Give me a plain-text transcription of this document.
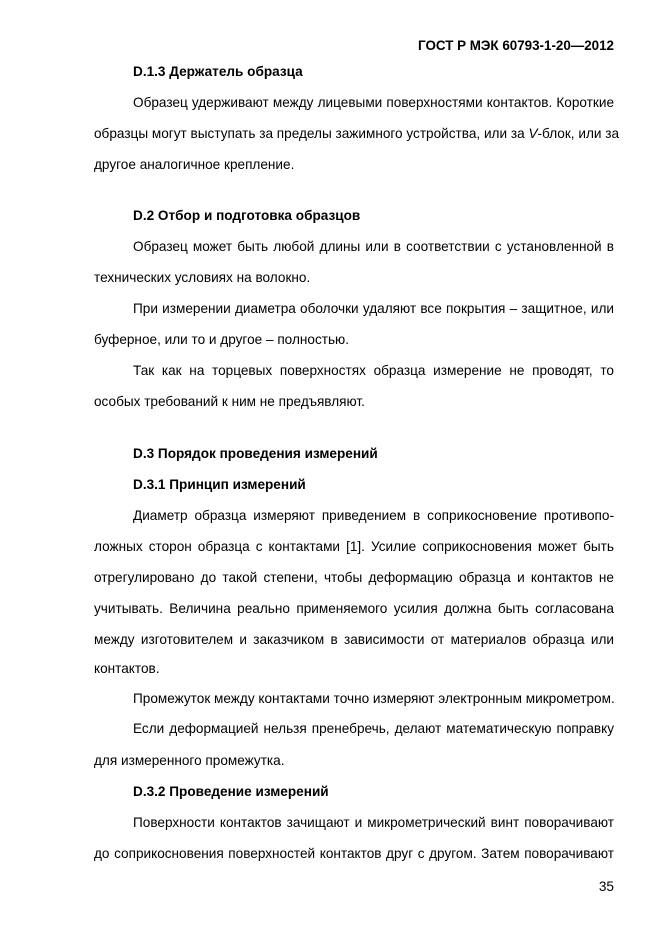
ГОСТ Р МЭК 60793-1-20—2012
D.1.3 Держатель образца
Образец удерживают между лицевыми поверхностями контактов. Короткие
образцы могут выступать за пределы зажимного устройства, или за V-блок, или за
другое аналогичное крепление.
D.2 Отбор и подготовка образцов
Образец может быть любой длины или в соответствии с установленной в
технических условиях на волокно.
При измерении диаметра оболочки удаляют все покрытия – защитное, или
буферное, или то и другое – полностью.
Так как на торцевых поверхностях образца измерение не проводят, то
особых требований к ним не предъявляют.
D.3 Порядок проведения измерений
D.3.1 Принцип измерений
Диаметр образца измеряют приведением в соприкосновение противопо-
ложных сторон образца с контактами [1]. Усилие соприкосновения может быть
отрегулировано до такой степени, чтобы деформацию образца и контактов не
учитывать. Величина реально применяемого усилия должна быть согласована
между изготовителем и заказчиком в зависимости от материалов образца или
контактов.
Промежуток между контактами точно измеряют электронным микрометром.
Если деформацией нельзя пренебречь, делают математическую поправку
для измеренного промежутка.
D.3.2 Проведение измерений
Поверхности контактов зачищают и микрометрический винт поворачивают
до соприкосновения поверхностей контактов друг с другом. Затем поворачивают
35
